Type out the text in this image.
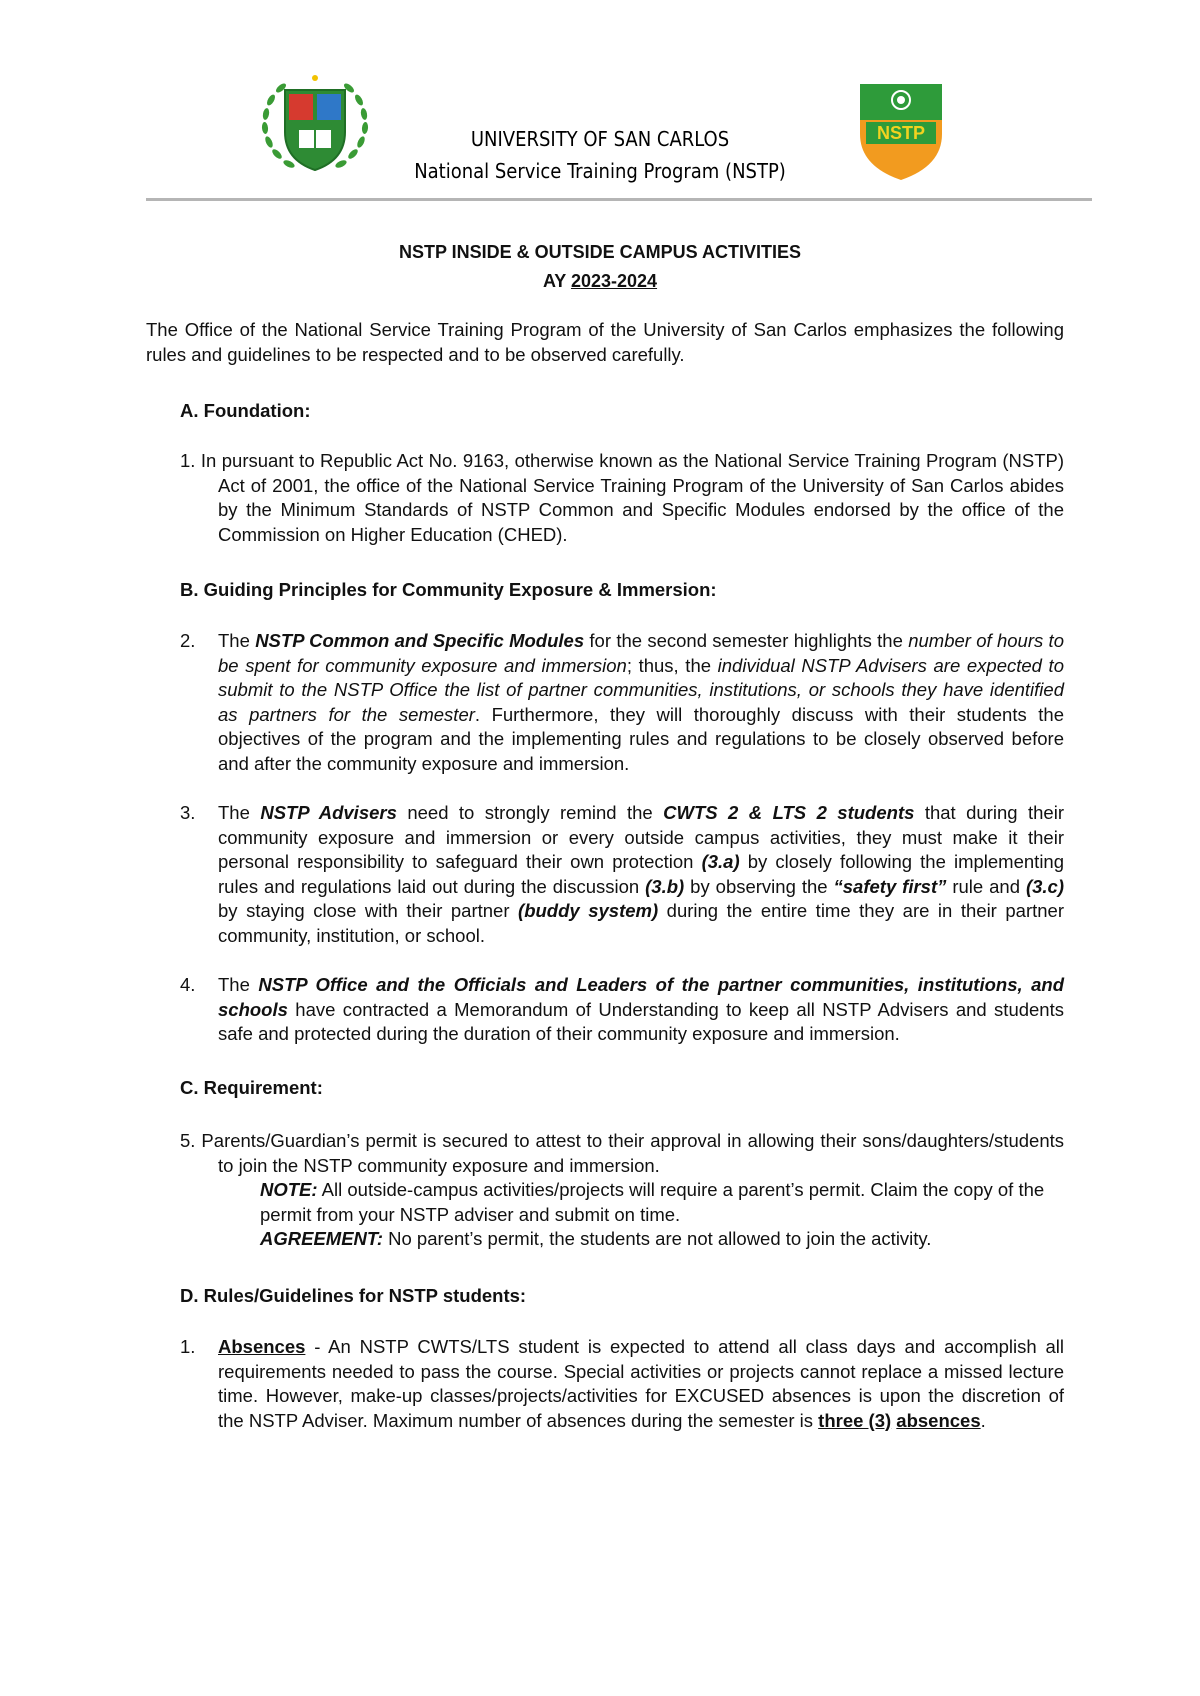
NSTP
UNIVERSITY OF SAN CARLOS
National Service Training Program (NSTP)
NSTP INSIDE & OUTSIDE CAMPUS ACTIVITIES
AY 2023-2024
The Office of the National Service Training Program of the University of San Carlos emphasizes the following rules and guidelines to be respected and to be observed carefully.
A. Foundation:
1. In pursuant to Republic Act No. 9163, otherwise known as the National Service Training Program (NSTP) Act of 2001, the office of the National Service Training Program of the University of San Carlos abides by the Minimum Standards of NSTP Common and Specific Modules endorsed by the office of the Commission on Higher Education (CHED).
B. Guiding Principles for Community Exposure & Immersion:
2. The NSTP Common and Specific Modules for the second semester highlights the number of hours to be spent for community exposure and immersion; thus, the individual NSTP Advisers are expected to submit to the NSTP Office the list of partner communities, institutions, or schools they have identified as partners for the semester. Furthermore, they will thoroughly discuss with their students the objectives of the program and the implementing rules and regulations to be closely observed before and after the community exposure and immersion.
3. The NSTP Advisers need to strongly remind the CWTS 2 & LTS 2 students that during their community exposure and immersion or every outside campus activities, they must make it their personal responsibility to safeguard their own protection (3.a) by closely following the implementing rules and regulations laid out during the discussion (3.b) by observing the “safety first” rule and (3.c) by staying close with their partner (buddy system) during the entire time they are in their partner community, institution, or school.
4. The NSTP Office and the Officials and Leaders of the partner communities, institutions, and schools have contracted a Memorandum of Understanding to keep all NSTP Advisers and students safe and protected during the duration of their community exposure and immersion.
C. Requirement:
5. Parents/Guardian’s permit is secured to attest to their approval in allowing their sons/daughters/students to join the NSTP community exposure and immersion.
NOTE: All outside-campus activities/projects will require a parent’s permit. Claim the copy of the permit from your NSTP adviser and submit on time.
AGREEMENT: No parent’s permit, the students are not allowed to join the activity.
D. Rules/Guidelines for NSTP students:
1. Absences - An NSTP CWTS/LTS student is expected to attend all class days and accomplish all requirements needed to pass the course. Special activities or projects cannot replace a missed lecture time. However, make-up classes/projects/activities for EXCUSED absences is upon the discretion of the NSTP Adviser. Maximum number of absences during the semester is three (3) absences.
